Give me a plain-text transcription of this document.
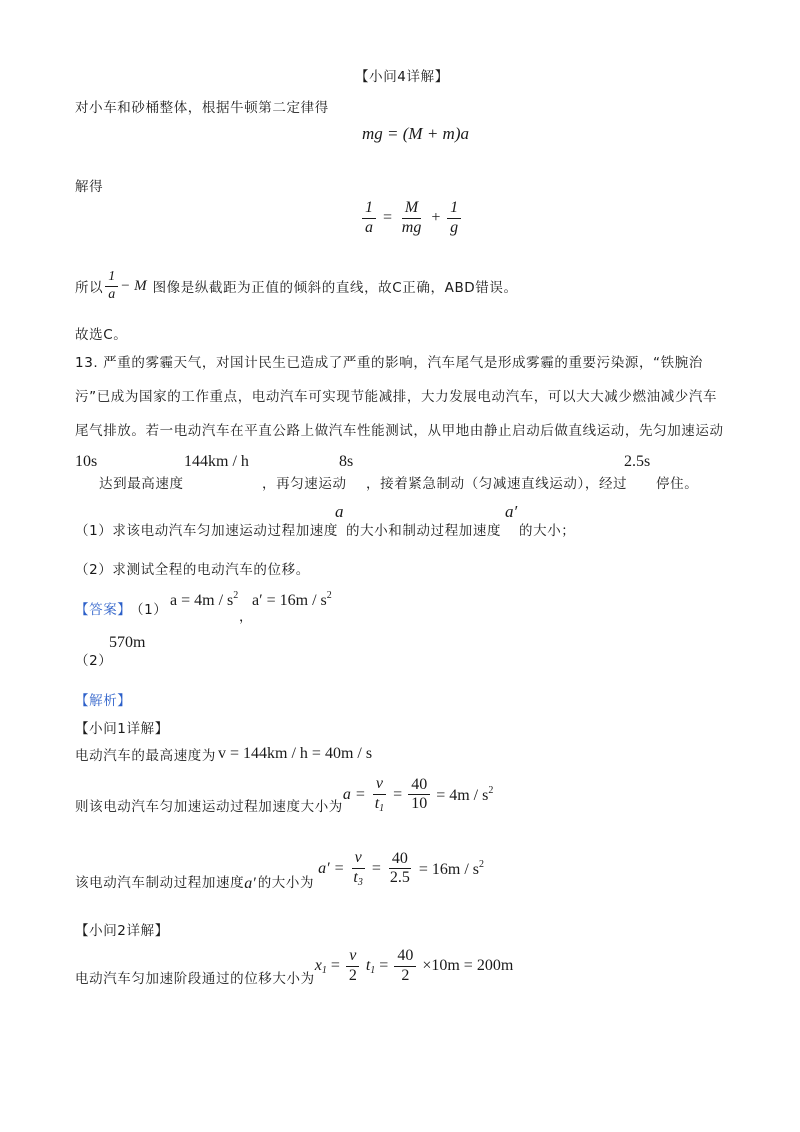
【小问4详解】
对小车和砂桶整体，根据牛顿第二定律得
mg = (M + m)a
解得
$\frac{1}{a} = \frac{M}{mg} + \frac{1}{g}$
所以 $\frac{1}{a} - M$ 图像是纵截距为正值的倾斜的直线，故C正确，ABD错误。
故选C。
13. 严重的雾霾天气，对国计民生已造成了严重的影响，汽车尾气是形成雾霾的重要污染源，“铁腕治
污”已成为国家的工作重点，电动汽车可实现节能减排，大力发展电动汽车，可以大大减少燃油减少汽车
尾气排放。若一电动汽车在平直公路上做汽车性能测试，从甲地由静止启动后做直线运动，先匀加速运动
10s
达到最高速度
144km / h
，再匀速运动
8s
，接着紧急制动（匀减速直线运动），经过
2.5s
停住。
（1）求该电动汽车匀加速运动过程加速度
a
的大小和制动过程加速度
a′
的大小；
（2）求测试全程的电动汽车的位移。
【答案】
（1）
$a = 4m / s^2$
，
$a' = 16m / s^2$
（2）
570m
【解析】
【小问1详解】
电动汽车的最高速度为 v = 144km / h = 40m / s
则该电动汽车匀加速运动过程加速度大小为
$a = \frac{v}{t_1} = \frac{40}{10} = 4m / s^2$
该电动汽车制动过程加速度 a′ 的大小为
$a' = \frac{v}{t_3} = \frac{40}{2.5} = 16m / s^2$
【小问2详解】
电动汽车匀加速阶段通过的位移大小为
$x_1 = \frac{v}{2} t_1 = \frac{40}{2} \times 10m = 200m$
